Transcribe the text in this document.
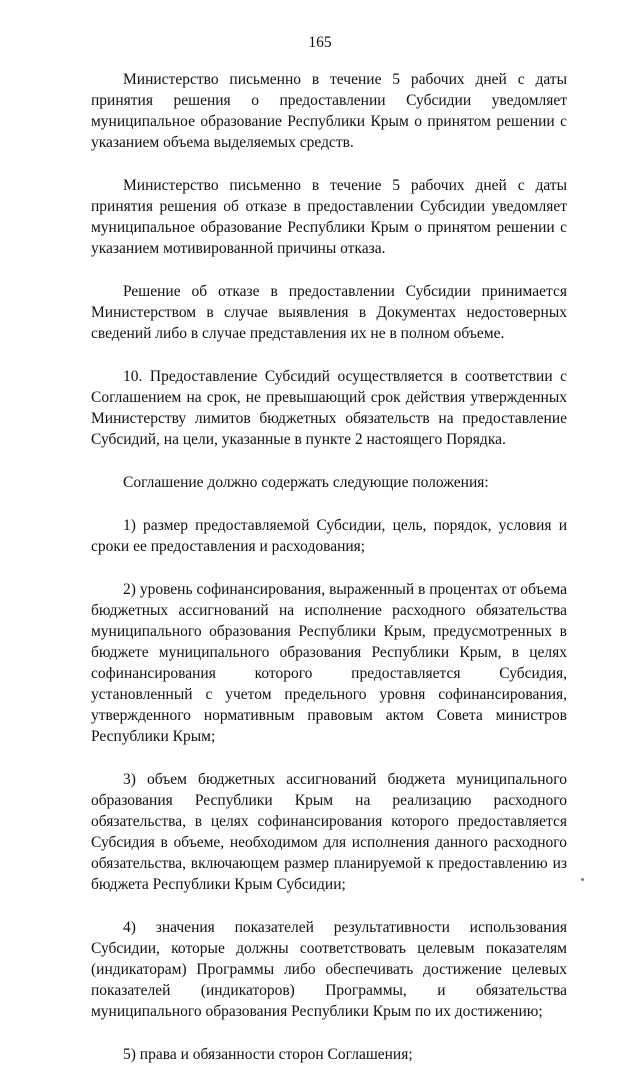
165

Министерство письменно в течение 5 рабочих дней с даты принятия решения о предоставлении Субсидии уведомляет муниципальное образование Республики Крым о принятом решении с указанием объема выделяемых средств.

Министерство письменно в течение 5 рабочих дней с даты принятия решения об отказе в предоставлении Субсидии уведомляет муниципальное образование Республики Крым о принятом решении с указанием мотивированной причины отказа.

Решение об отказе в предоставлении Субсидии принимается Министерством в случае выявления в Документах недостоверных сведений либо в случае представления их не в полном объеме.

10. Предоставление Субсидий осуществляется в соответствии с Соглашением на срок, не превышающий срок действия утвержденных Министерству лимитов бюджетных обязательств на предоставление Субсидий, на цели, указанные в пункте 2 настоящего Порядка.

Соглашение должно содержать следующие положения:

1) размер предоставляемой Субсидии, цель, порядок, условия и сроки ее предоставления и расходования;

2) уровень софинансирования, выраженный в процентах от объема бюджетных ассигнований на исполнение расходного обязательства муниципального образования Республики Крым, предусмотренных в бюджете муниципального образования Республики Крым, в целях софинансирования которого предоставляется Субсидия, установленный с учетом предельного уровня софинансирования, утвержденного нормативным правовым актом Совета министров Республики Крым;

3) объем бюджетных ассигнований бюджета муниципального образования Республики Крым на реализацию расходного обязательства, в целях софинансирования которого предоставляется Субсидия в объеме, необходимом для исполнения данного расходного обязательства, включающем размер планируемой к предоставлению из бюджета Республики Крым Субсидии;

4) значения показателей результативности использования Субсидии, которые должны соответствовать целевым показателям (индикаторам) Программы либо обеспечивать достижение целевых показателей (индикаторов) Программы, и обязательства муниципального образования Республики Крым по их достижению;

5) права и обязанности сторон Соглашения;
